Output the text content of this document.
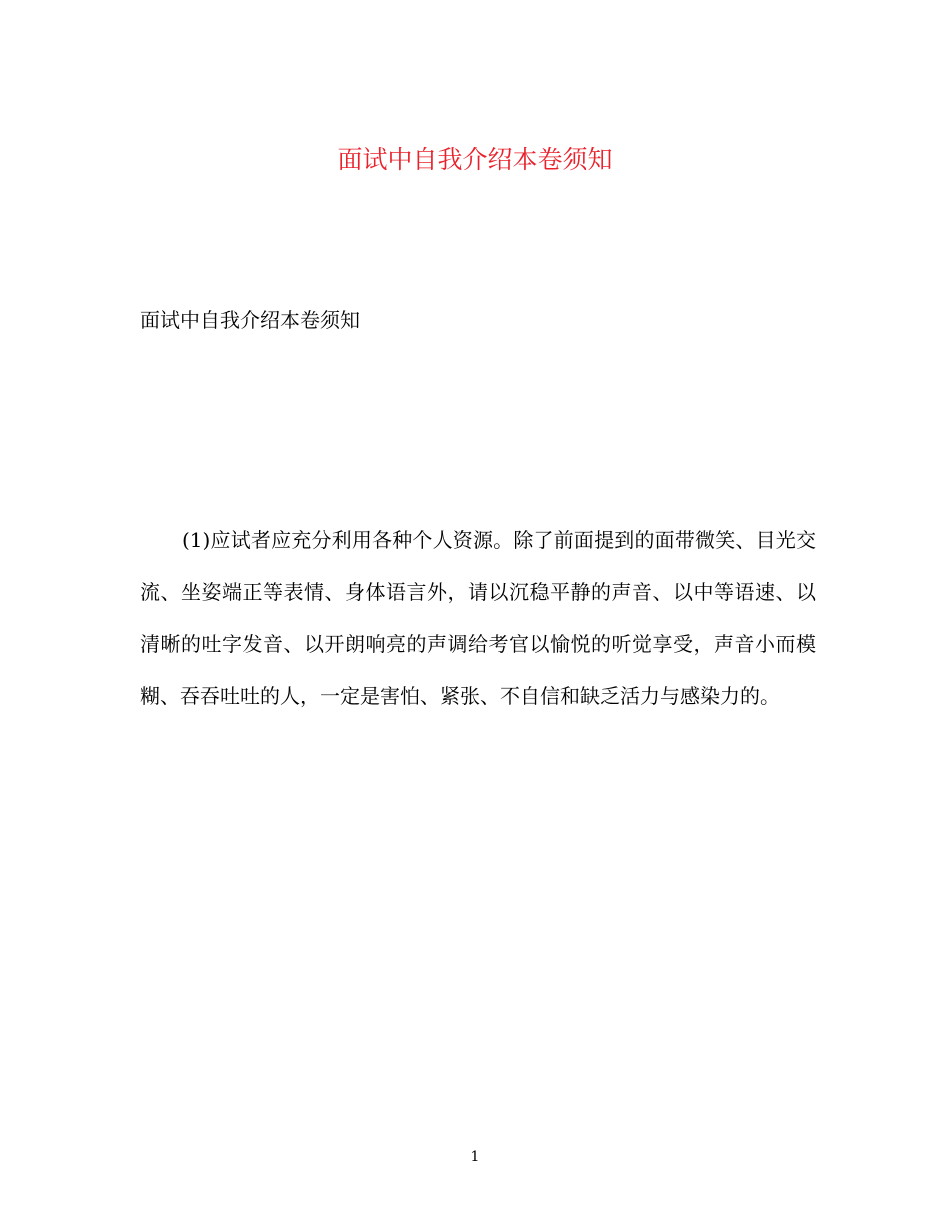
面试中自我介绍本卷须知

面试中自我介绍本卷须知

(1)应试者应充分利用各种个人资源。除了前面提到的面带微笑、目光交流、坐姿端正等表情、身体语言外，请以沉稳平静的声音、以中等语速、以清晰的吐字发音、以开朗响亮的声调给考官以愉悦的听觉享受，声音小而模糊、吞吞吐吐的人，一定是害怕、紧张、不自信和缺乏活力与感染力的。

1
